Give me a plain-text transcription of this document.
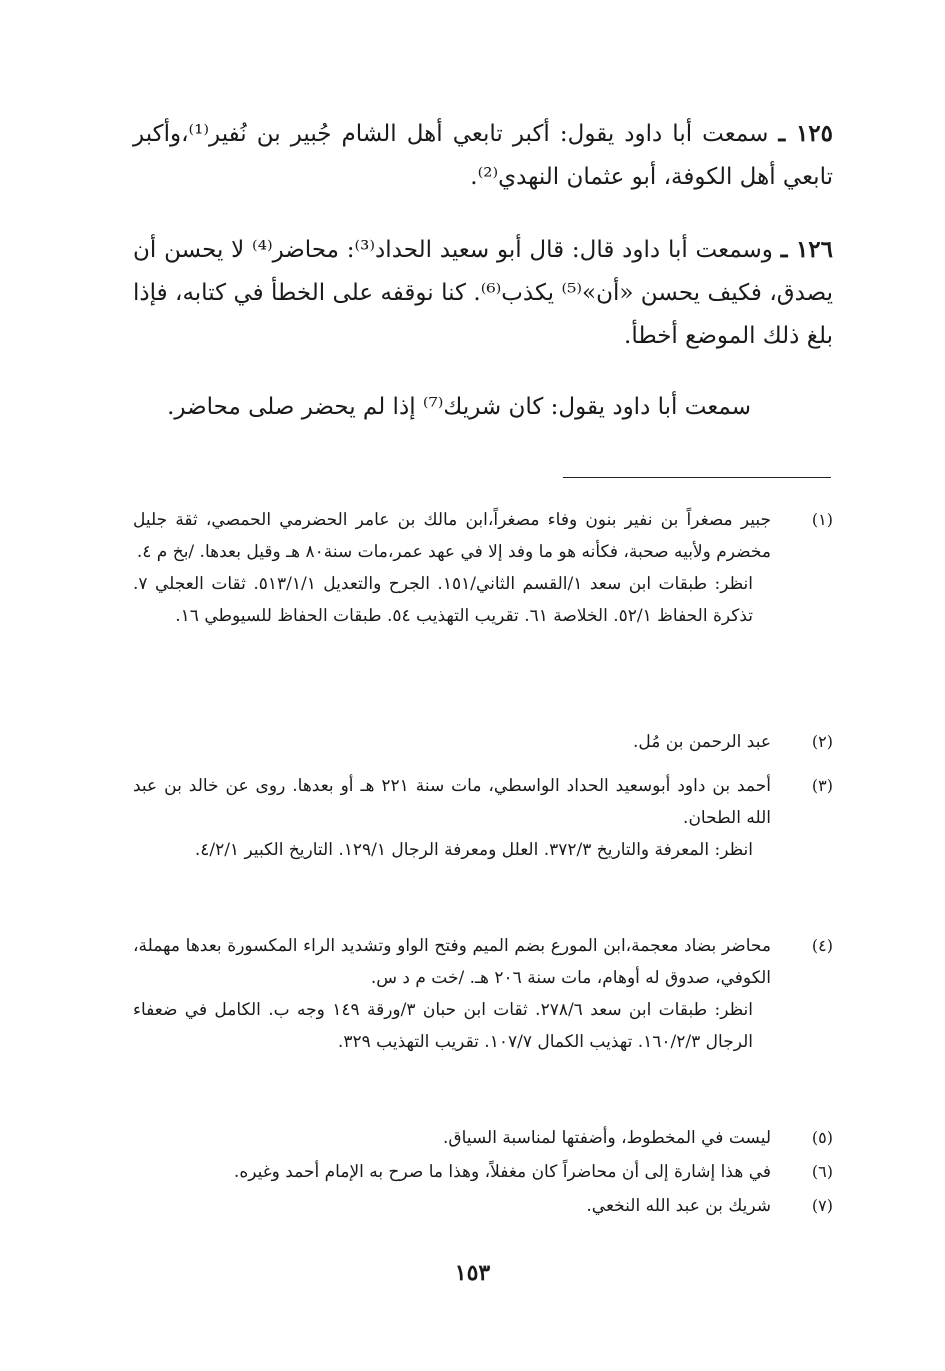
١٢٥ ـ سمعت أبا داود يقول: أكبر تابعي أهل الشام جُبير بن نُفير⁽¹⁾،وأكبر تابعي أهل الكوفة، أبو عثمان النهدي⁽²⁾.
١٢٦ ـ وسمعت أبا داود قال: قال أبو سعيد الحداد⁽³⁾: محاضر⁽⁴⁾ لا يحسن أن يصدق، فكيف يحسن «أن»⁽⁵⁾ يكذب⁽⁶⁾. كنا نوقفه على الخطأ في كتابه، فإذا بلغ ذلك الموضع أخطأ.
سمعت أبا داود يقول: كان شريك⁽⁷⁾ إذا لم يحضر صلى محاضر.
(١)
جبير مصغراً بن نفير بنون وفاء مصغراً،ابن مالك بن عامر الحضرمي الحمصي، ثقة جليل مخضرم ولأبيه صحبة، فكأنه هو ما وفد إلا في عهد عمر،مات سنة٨٠ هـ وقيل بعدها. /بخ م ٤.
انظر: طبقات ابن سعد ١/القسم الثاني/١٥١. الجرح والتعديل ٥١٣/١/١. ثقات العجلي ٧. تذكرة الحفاظ ٥٢/١. الخلاصة ٦١. تقريب التهذيب ٥٤. طبقات الحفاظ للسيوطي ١٦.
(٢)
عبد الرحمن بن مُل.
(٣)
أحمد بن داود أبوسعيد الحداد الواسطي، مات سنة ٢٢١ هـ أو بعدها. روى عن خالد بن عبد الله الطحان.
انظر: المعرفة والتاريخ ٣٧٢/٣. العلل ومعرفة الرجال ١٢٩/١. التاريخ الكبير ٤/٢/١.
(٤)
محاضر بضاد معجمة،ابن المورع بضم الميم وفتح الواو وتشديد الراء المكسورة بعدها مهملة، الكوفي، صدوق له أوهام، مات سنة ٢٠٦ هـ. /خت م د س.
انظر: طبقات ابن سعد ٢٧٨/٦. ثقات ابن حبان ٣/ورقة ١٤٩ وجه ب. الكامل في ضعفاء الرجال ١٦٠/٢/٣. تهذيب الكمال ١٠٧/٧. تقريب التهذيب ٣٢٩.
(٥)
ليست في المخطوط، وأضفتها لمناسبة السياق.
(٦)
في هذا إشارة إلى أن محاضراً كان مغفلاً، وهذا ما صرح به الإمام أحمد وغيره.
(٧)
شريك بن عبد الله النخعي.
١٥٣
